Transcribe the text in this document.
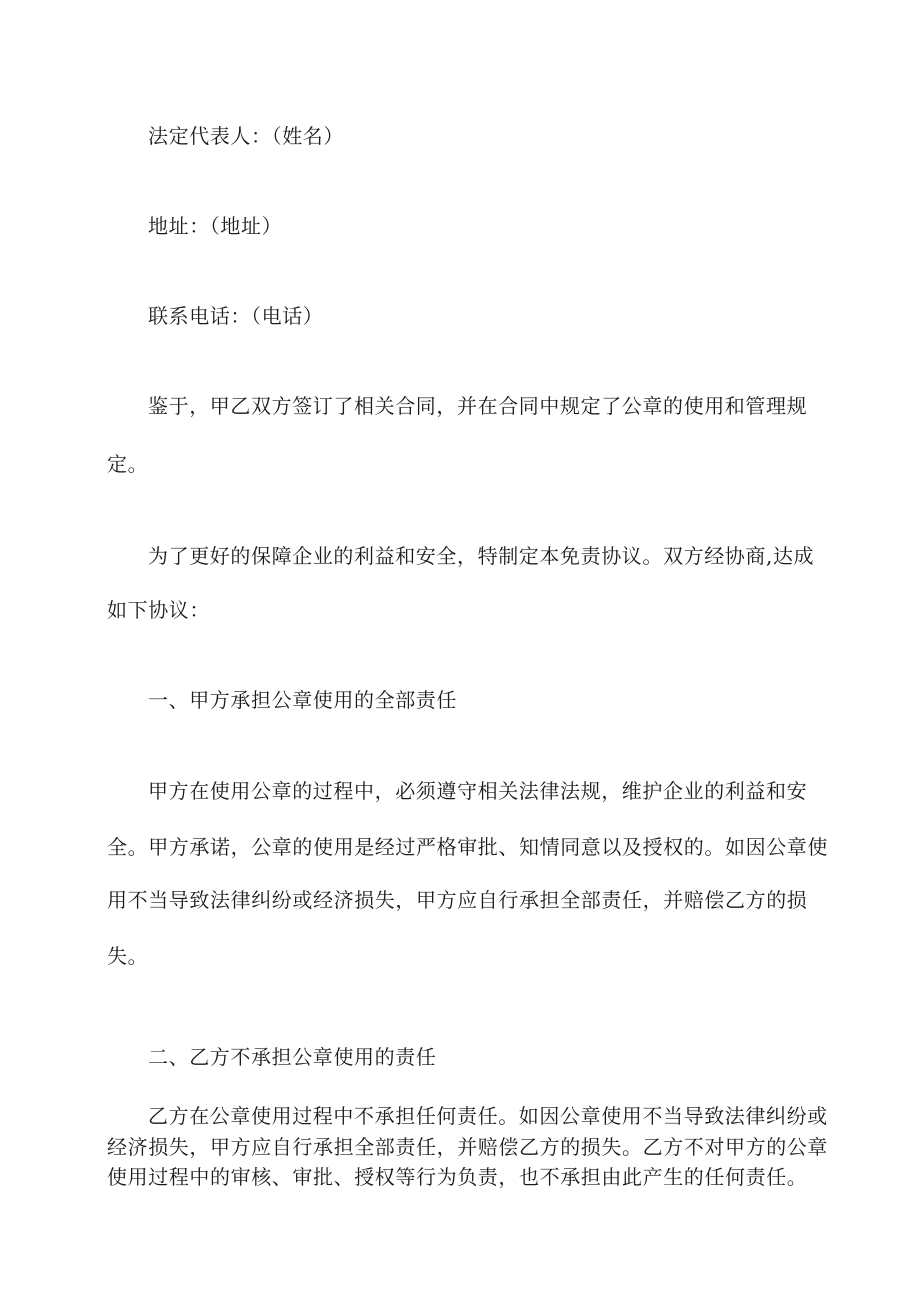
法定代表人：（姓名）
地址：（地址）
联系电话：（电话）
鉴于，甲乙双方签订了相关合同，并在合同中规定了公章的使用和管理规
定。
为了更好的保障企业的利益和安全，特制定本免责协议。双方经协商,达成
如下协议：
一、甲方承担公章使用的全部责任
甲方在使用公章的过程中，必须遵守相关法律法规，维护企业的利益和安
全。甲方承诺，公章的使用是经过严格审批、知情同意以及授权的。如因公章使
用不当导致法律纠纷或经济损失，甲方应自行承担全部责任，并赔偿乙方的损
失。
二、乙方不承担公章使用的责任
乙方在公章使用过程中不承担任何责任。如因公章使用不当导致法律纠纷或
经济损失，甲方应自行承担全部责任，并赔偿乙方的损失。乙方不对甲方的公章
使用过程中的审核、审批、授权等行为负责，也不承担由此产生的任何责任。
